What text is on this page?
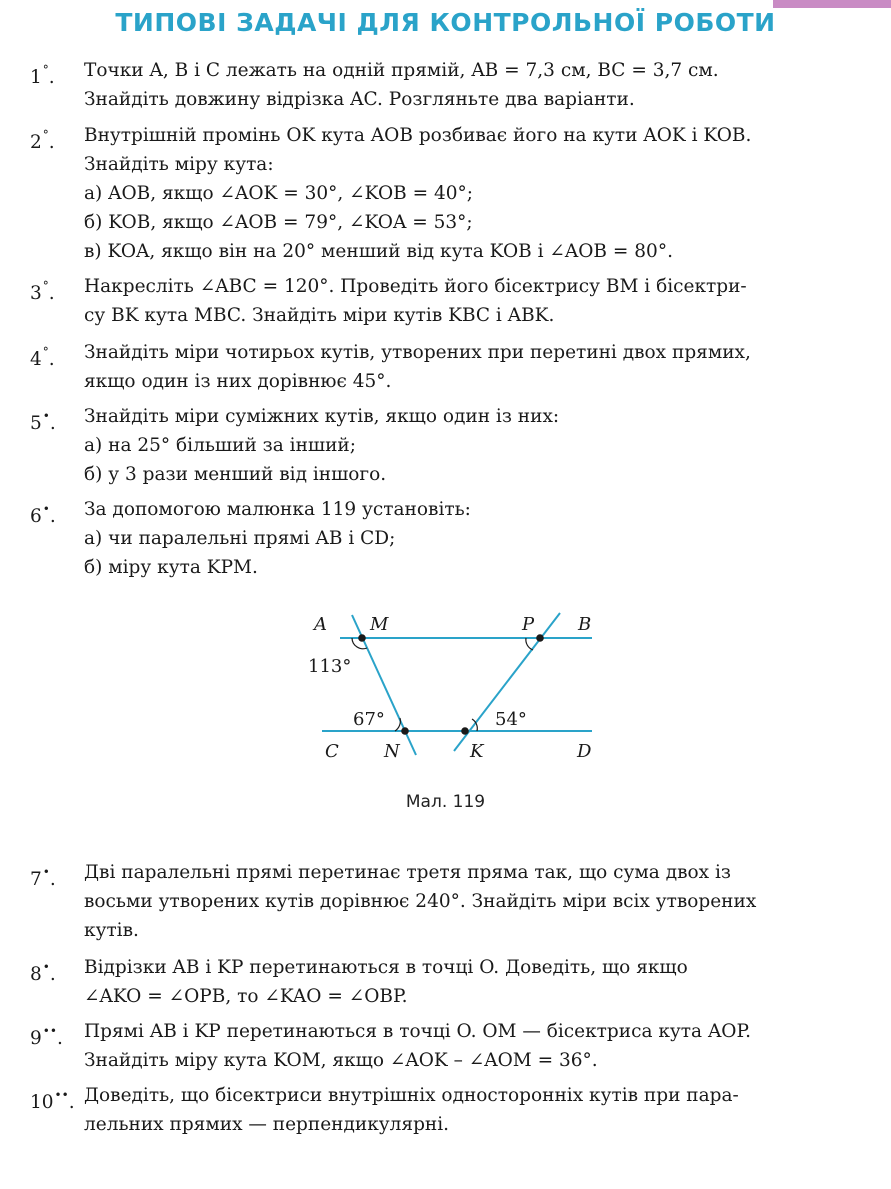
ТИПОВІ ЗАДАЧІ ДЛЯ КОНТРОЛЬНОЇ РОБОТИ
1°.	Точки A, B і C лежать на одній прямій, AB = 7,3 см, BC = 3,7 см.
Знайдіть довжину відрізка AC. Розгляньте два варіанти.
2°.	Внутрішній промінь OK кута AOB розбиває його на кути AOK і KOB.
Знайдіть міру кута:
а) AOB, якщо ∠AOK = 30°, ∠KOB = 40°;
б) KOB, якщо ∠AOB = 79°, ∠KOA = 53°;
в) KOA, якщо він на 20° менший від кута KOB і ∠AOB = 80°.
3°.	Накресліть ∠ABC = 120°. Проведіть його бісектрису BM і бісектри-
су BK кута MBC. Знайдіть міри кутів KBC і ABK.
4°.	Знайдіть міри чотирьох кутів, утворених при перетині двох прямих,
якщо один із них дорівнює 45°.
5•.	Знайдіть міри суміжних кутів, якщо один із них:
а) на 25° більший за інший;
б) у 3 рази менший від іншого.
6•.	За допомогою малюнка 119 установіть:
а) чи паралельні прямі AB і CD;
б) міру кута KPM.
A M	P B
C	N	K	D
113°
67°	54°
Мал. 119
7•.	Дві паралельні прямі перетинає третя пряма так, що сума двох із
восьми утворених кутів дорівнює 240°. Знайдіть міри всіх утворених
кутів.
8•.	Відрізки AB і KP перетинаються в точці O. Доведіть, що якщо
∠AKO = ∠OPB, то ∠KAO = ∠OBP.
9••.	Прямі AB і KP перетинаються в точці O. OM — бісектриса кута AOP.
Знайдіть міру кута KOM, якщо ∠AOK – ∠AOM = 36°.
10••. Доведіть, що бісектриси внутрішніх односторонніх кутів при пара-
лельних прямих — перпендикулярні.
